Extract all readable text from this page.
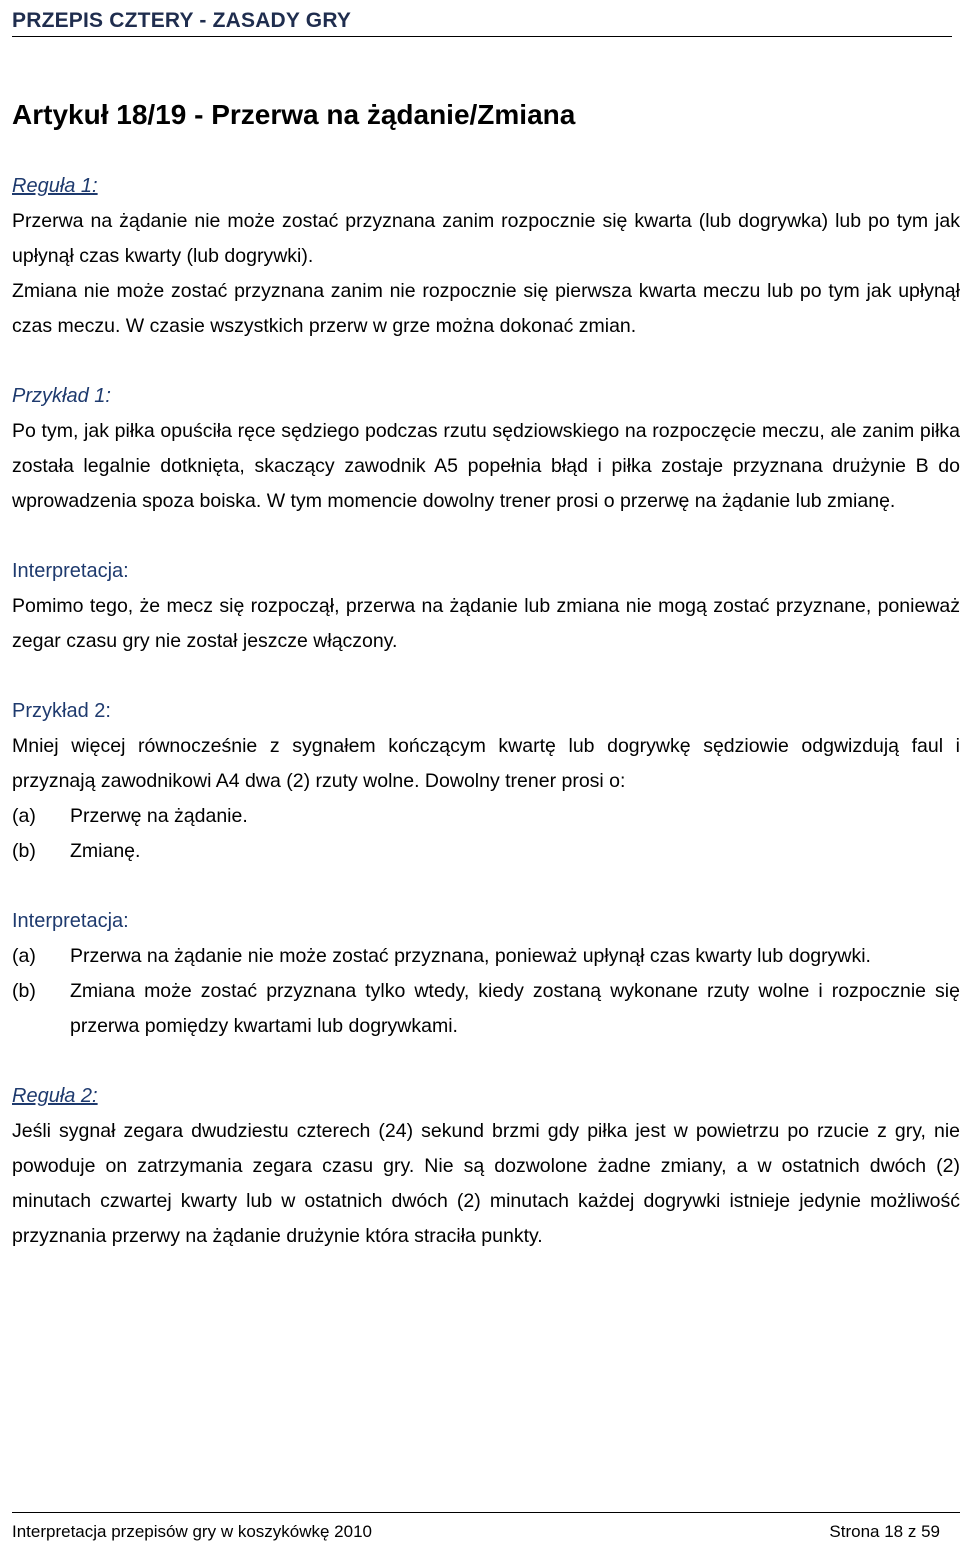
PRZEPIS CZTERY - ZASADY GRY
Artykuł 18/19 - Przerwa na żądanie/Zmiana
Reguła 1:

Przerwa na żądanie nie może zostać przyznana zanim rozpocznie się kwarta (lub dogrywka) lub po tym jak upłynął czas kwarty (lub dogrywki).

Zmiana nie może zostać przyznana zanim nie rozpocznie się pierwsza kwarta meczu lub po tym jak upłynął czas meczu. W czasie wszystkich przerw w grze można dokonać zmian.

Przykład 1:

Po tym, jak piłka opuściła ręce sędziego podczas rzutu sędziowskiego na rozpoczęcie meczu, ale zanim piłka została legalnie dotknięta, skaczący zawodnik A5 popełnia błąd i piłka zostaje przyznana drużynie B do wprowadzenia spoza boiska. W tym momencie dowolny trener prosi o przerwę na żądanie lub zmianę.

Interpretacja:

Pomimo tego, że mecz się rozpoczął, przerwa na żądanie lub zmiana nie mogą zostać przyznane, ponieważ zegar czasu gry nie został jeszcze włączony.

Przykład 2:

Mniej więcej równocześnie z sygnałem kończącym kwartę lub dogrywkę sędziowie odgwizdują faul i przyznają zawodnikowi A4 dwa (2) rzuty wolne. Dowolny trener prosi o:

(a)	Przerwę na żądanie.
(b)	Zmianę.
Interpretacja:
(a)	Przerwa na żądanie nie może zostać przyznana, ponieważ upłynął czas kwarty lub dogrywki.
(b)	Zmiana może zostać przyznana tylko wtedy, kiedy zostaną wykonane rzuty wolne i rozpocznie się przerwa pomiędzy kwartami lub dogrywkami.
Reguła 2:

Jeśli sygnał zegara dwudziestu czterech (24) sekund brzmi gdy piłka jest w powietrzu po rzucie z gry, nie powoduje on zatrzymania zegara czasu gry. Nie są dozwolone żadne zmiany, a w ostatnich dwóch (2) minutach czwartej kwarty lub w ostatnich dwóch (2) minutach każdej dogrywki istnieje jedynie możliwość przyznania przerwy na żądanie drużynie która straciła punkty.

Interpretacja przepisów gry w koszykówkę 2010	Strona 18 z 59
